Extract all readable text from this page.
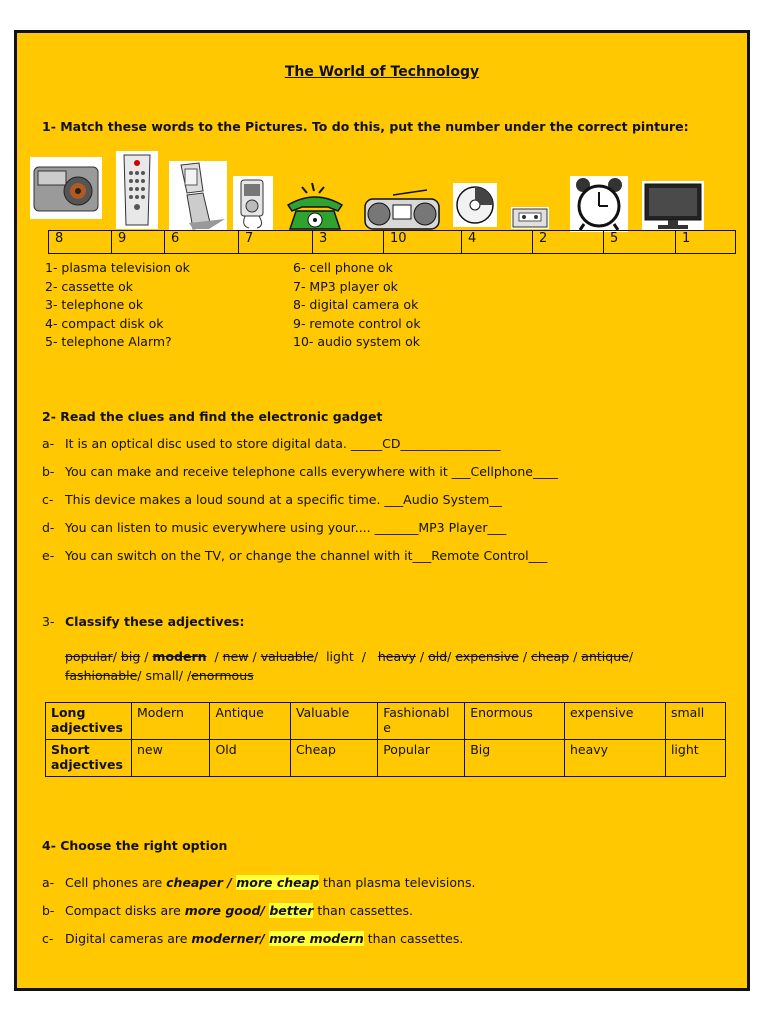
The World of Technology
1- Match these words to the Pictures. To do this, put the number under the correct pinture:
8	9	6	7	3	10	4	2	5	1
1- plasma television ok
2- cassette ok
3- telephone ok
4- compact disk ok
5- telephone Alarm?
6- cell phone ok
7- MP3 player ok
8- digital camera ok
9- remote control ok
10- audio system ok
2- Read the clues and find the electronic gadget
a- It is an optical disc used to store digital data. _____CD________________
b- You can make and receive telephone calls everywhere with it ___Cellphone____
c- This device makes a loud sound at a specific time. ___Audio System__
d- You can listen to music everywhere using your.... _______MP3 Player___
e- You can switch on the TV, or change the channel with it___Remote Control___
3- Classify these adjectives:
popular/ big / modern  / new / valuable/  light  /   heavy / old/ expensive / cheap / antique/
fashionable/ small/ /enormous
Long adjectives	Modern	Antique	Valuable	Fashionabl e	Enormous	expensive	small
Short adjectives	new	Old	Cheap	Popular	Big	heavy	light
4- Choose the right option
a- Cell phones are cheaper / more cheap than plasma televisions.
b- Compact disks are more good/ better than cassettes.
c- Digital cameras are moderner/ more modern than cassettes.
